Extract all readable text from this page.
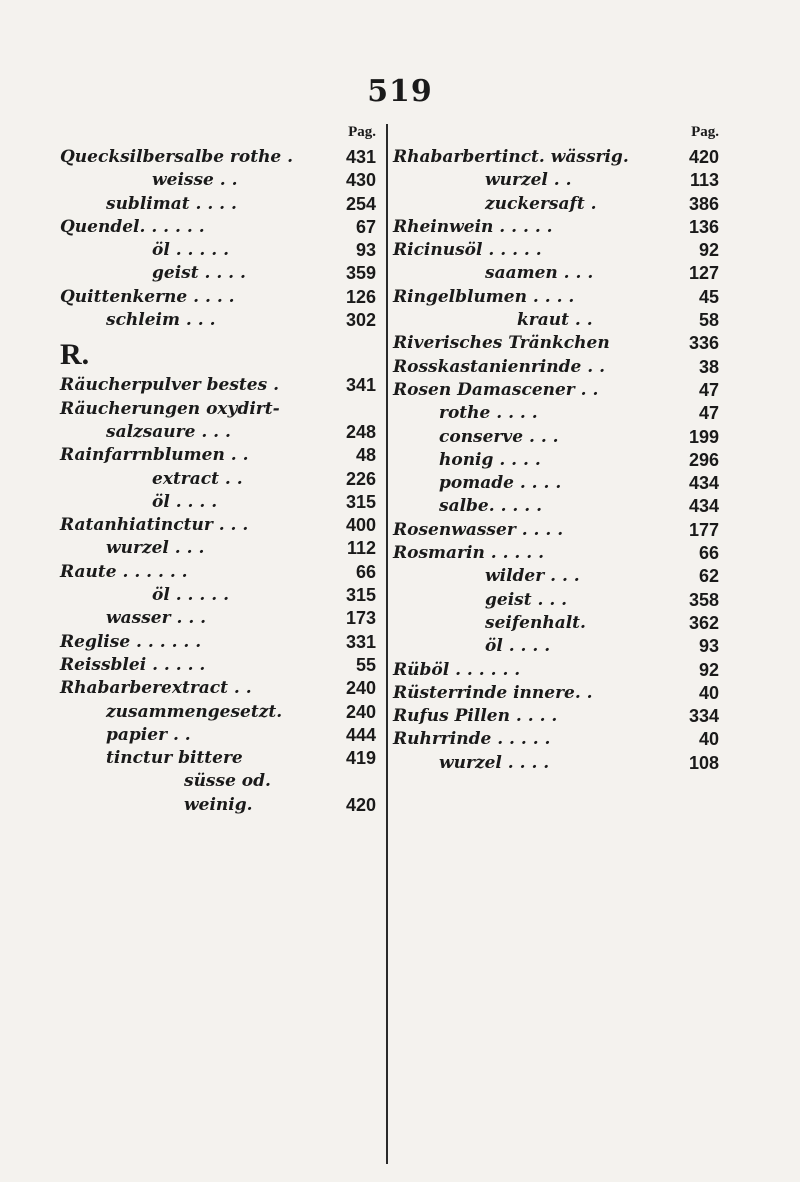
519
Pag.
Quecksilbersalbe rothe .	431
weisse . .	430
sublimat . . . .	254
Quendel. . . . . .	67
öl . . . . .	93
geist . . . .	359
Quittenkerne . . . .	126
schleim . . .	302
R.
Räucherpulver bestes .	341
Räucherungen oxydirt-
salzsaure . . .	248
Rainfarrnblumen . .	48
extract . .	226
öl . . . .	315
Ratanhiatinctur . . .	400
wurzel . . .	112
Raute . . . . . .	66
öl . . . . .	315
wasser . . .	173
Reglise . . . . . .	331
Reissblei . . . . .	55
Rhabarberextract . .	240
zusammengesetzt.	240
papier . .	444
tinctur bittere	419
süsse od.
weinig.	420
Pag.
Rhabarbertinct. wässrig.	420
wurzel . .	113
zuckersaft .	386
Rheinwein . . . . .	136
Ricinusöl . . . . .	92
saamen . . .	127
Ringelblumen . . . .	45
kraut . .	58
Riverisches Tränkchen	336
Rosskastanienrinde . .	38
Rosen Damascener . .	47
rothe . . . .	47
conserve . . .	199
honig . . . .	296
pomade . . . .	434
salbe. . . . .	434
Rosenwasser . . . .	177
Rosmarin . . . . .	66
wilder . . .	62
geist . . .	358
seifenhalt.	362
öl . . . .	93
Rüböl . . . . . .	92
Rüsterrinde innere. .	40
Rufus Pillen . . . .	334
Ruhrrinde . . . . .	40
wurzel . . . .	108
